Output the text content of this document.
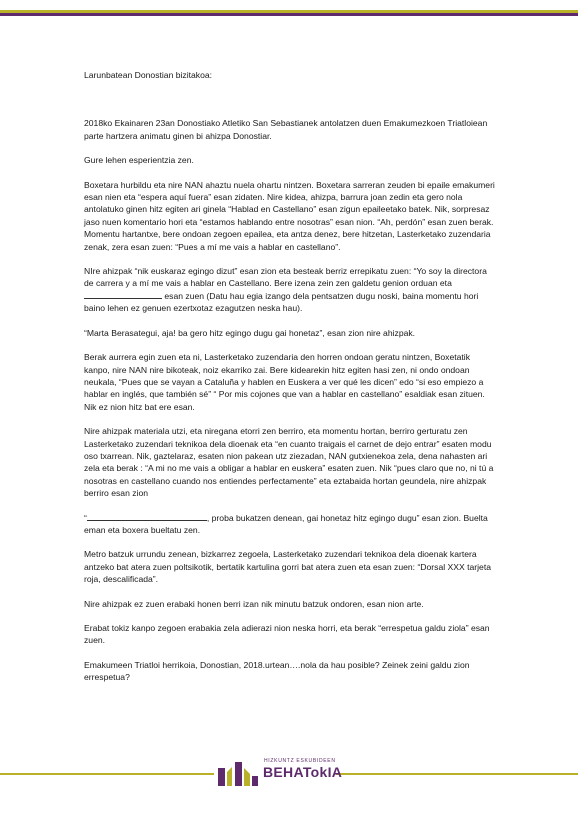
Larunbatean Donostian bizitakoa:

2018ko Ekainaren 23an Donostiako Atletiko San Sebastianek antolatzen duen Emakumezkoen Triatloiean parte hartzera animatu ginen bi ahizpa Donostiar.

Gure lehen esperientzia zen.

Boxetara hurbildu eta nire NAN ahaztu nuela ohartu nintzen. Boxetara sarreran zeuden bi epaile emakumeri esan nien eta “espera aquí fuera” esan zidaten. Nire kidea, ahizpa, barrura joan zedin eta gero nola antolatuko ginen hitz egiten ari ginela “Hablad en Castellano” esan zigun epaileetako batek. Nik, sorpresaz jaso nuen komentario hori eta “estamos hablando entre nosotras” esan nion. “Ah, perdón” esan zuen berak. Momentu hartantxe, bere ondoan zegoen epailea, eta antza denez, bere hitzetan, Lasterketako zuzendaria zenak, zera esan zuen: “Pues a mí me vais a hablar en castellano”.

NIre ahizpak “nik euskaraz egingo dizut” esan zion eta besteak berriz errepikatu zuen: “Yo soy la directora de carrera y a mí me vais a hablar en Castellano. Bere izena zein zen galdetu genion orduan eta  esan zuen (Datu hau egia izango dela pentsatzen dugu noski, baina momentu hori baino lehen ez genuen ezertxotaz ezagutzen neska hau).

“Marta Berasategui, aja! ba gero hitz egingo dugu gai honetaz”, esan zion nire ahizpak.

Berak aurrera egin zuen eta ni, Lasterketako zuzendaria den horren ondoan geratu nintzen, Boxetatik kanpo, nire NAN nire bikoteak, noiz ekarriko zai. Bere kidearekin hitz egiten hasi zen, ni ondo ondoan neukala, “Pues que se vayan a Cataluña y hablen en Euskera a ver qué les dicen” edo “si eso empiezo a hablar en inglés, que también sé” “ Por mis cojones que van a hablar en castellano” esaldiak esan zituen. Nik ez nion hitz bat ere esan.

Nire ahizpak materiala utzi, eta niregana etorri zen berriro, eta momentu hortan, berriro gerturatu zen Lasterketako zuzendari teknikoa dela dioenak eta “en cuanto traigais el carnet de dejo entrar” esaten modu oso txarrean. Nik, gaztelaraz, esaten nion pakean utz ziezadan, NAN gutxienekoa zela, dena nahasten ari zela eta berak : “A mi no me vais a obligar a hablar en euskera” esaten zuen. Nik “pues claro que no, ni tú a nosotras en castellano cuando nos entiendes perfectamente” eta eztabaida hortan geundela, nire ahizpak berriro esan zion

“	, proba bukatzen denean, gai honetaz hitz egingo dugu” esan zion. Buelta eman eta boxera bueltatu zen.

Metro batzuk urrundu zenean, bizkarrez zegoela, Lasterketako zuzendari teknikoa dela dioenak kartera antzeko bat atera zuen poltsikotik, bertatik kartulina gorri bat atera zuen eta esan zuen: “Dorsal XXX tarjeta roja, descalificada”.

Nire ahizpak ez zuen erabaki honen berri izan nik minutu batzuk ondoren, esan nion arte.

Erabat tokiz kanpo zegoen erabakia zela adierazi nion neska horri, eta berak “errespetua galdu ziola” esan zuen.

Emakumeen Triatloi herrikoia, Donostian, 2018.urtean….nola da hau posible? Zeinek zeini galdu zion errespetua?

HIZKUNTZ ESKUBIDEEN
BEHATokIA
